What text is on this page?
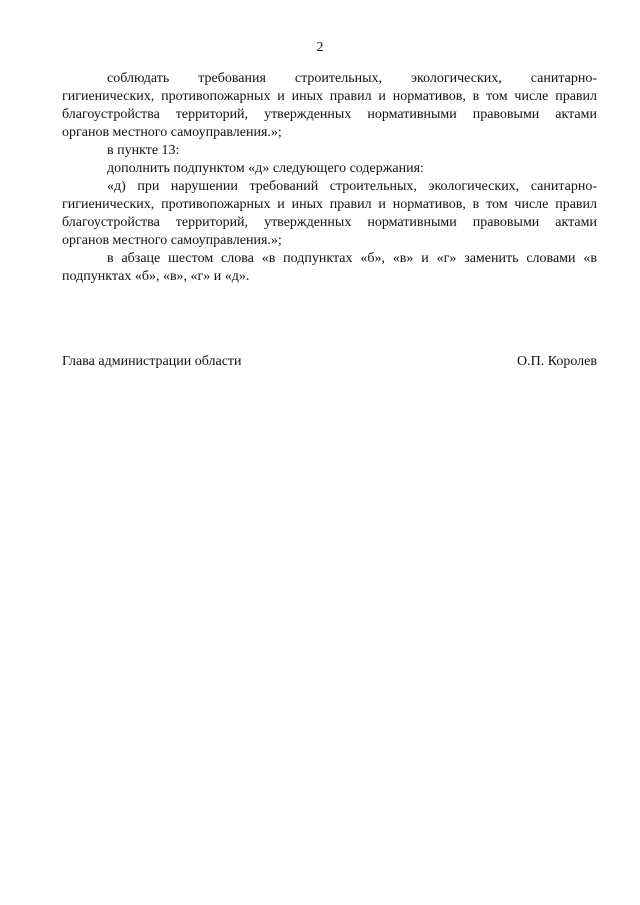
2
соблюдать требования строительных, экологических, санитарно-
гигиенических, противопожарных и иных правил и нормативов, в том числе правил
благоустройства территорий, утвержденных нормативными правовыми актами
органов местного самоуправления.»;
в пункте 13:
дополнить подпунктом «д» следующего содержания:
«д) при нарушении требований строительных, экологических, санитарно-
гигиенических, противопожарных и иных правил и нормативов, в том числе правил
благоустройства территорий, утвержденных нормативными правовыми актами
органов местного самоуправления.»;
в абзаце шестом слова «в подпунктах «б», «в» и «г» заменить словами «в
подпунктах «б», «в», «г» и «д».
Глава администрации области	О.П. Королев
